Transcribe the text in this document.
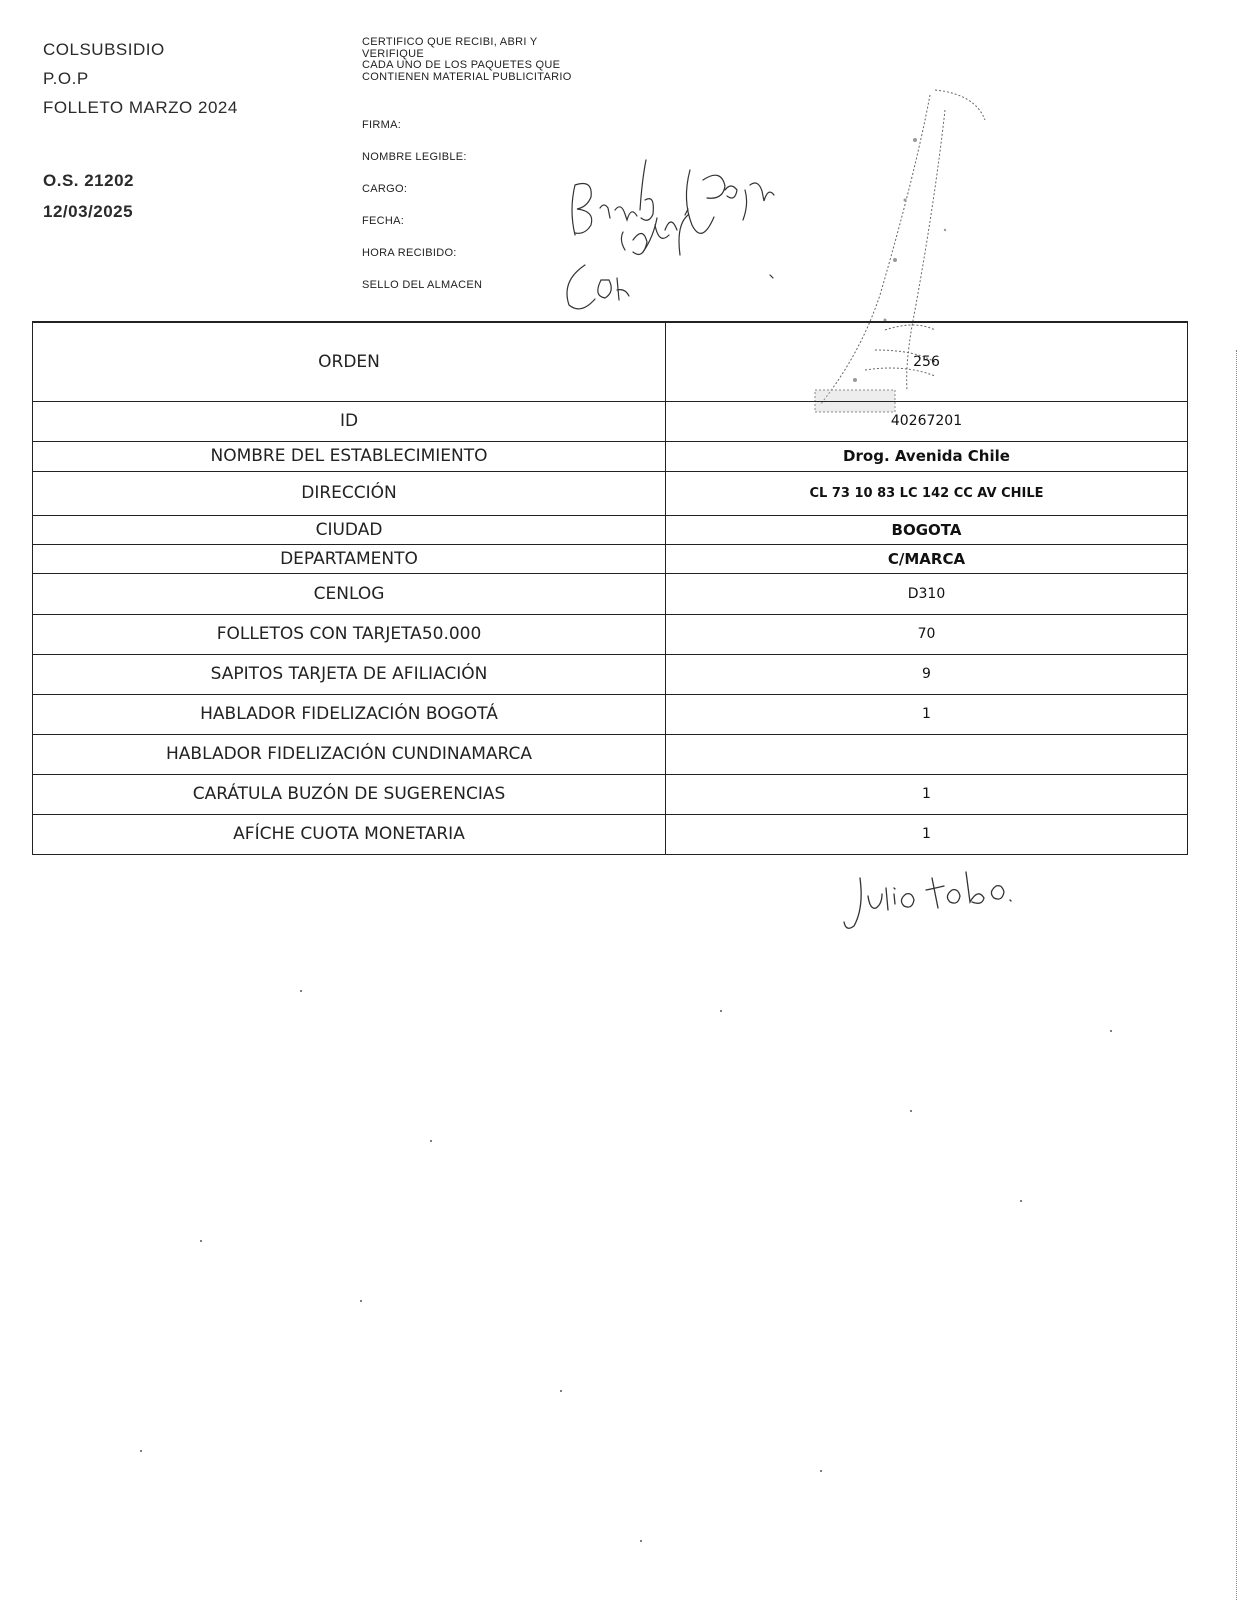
COLSUBSIDIO
P.O.P
FOLLETO MARZO 2024
O.S. 21202
12/03/2025
CERTIFICO QUE RECIBI, ABRI Y
VERIFIQUE
CADA UNO DE LOS PAQUETES QUE
CONTIENEN MATERIAL PUBLICITARIO
FIRMA:
NOMBRE LEGIBLE:
CARGO:
FECHA:
HORA RECIBIDO:
SELLO DEL ALMACEN
ORDEN	256
ID	40267201
NOMBRE DEL ESTABLECIMIENTO	Drog. Avenida Chile
DIRECCIÓN	CL 73 10 83 LC 142 CC AV CHILE
CIUDAD	BOGOTA
DEPARTAMENTO	C/MARCA
CENLOG	D310
FOLLETOS CON TARJETA50.000	70
SAPITOS TARJETA DE AFILIACIÓN	9
HABLADOR FIDELIZACIÓN BOGOTÁ	1
HABLADOR FIDELIZACIÓN CUNDINAMARCA	
CARÁTULA BUZÓN DE SUGERENCIAS	1
AFÍCHE CUOTA MONETARIA	1
